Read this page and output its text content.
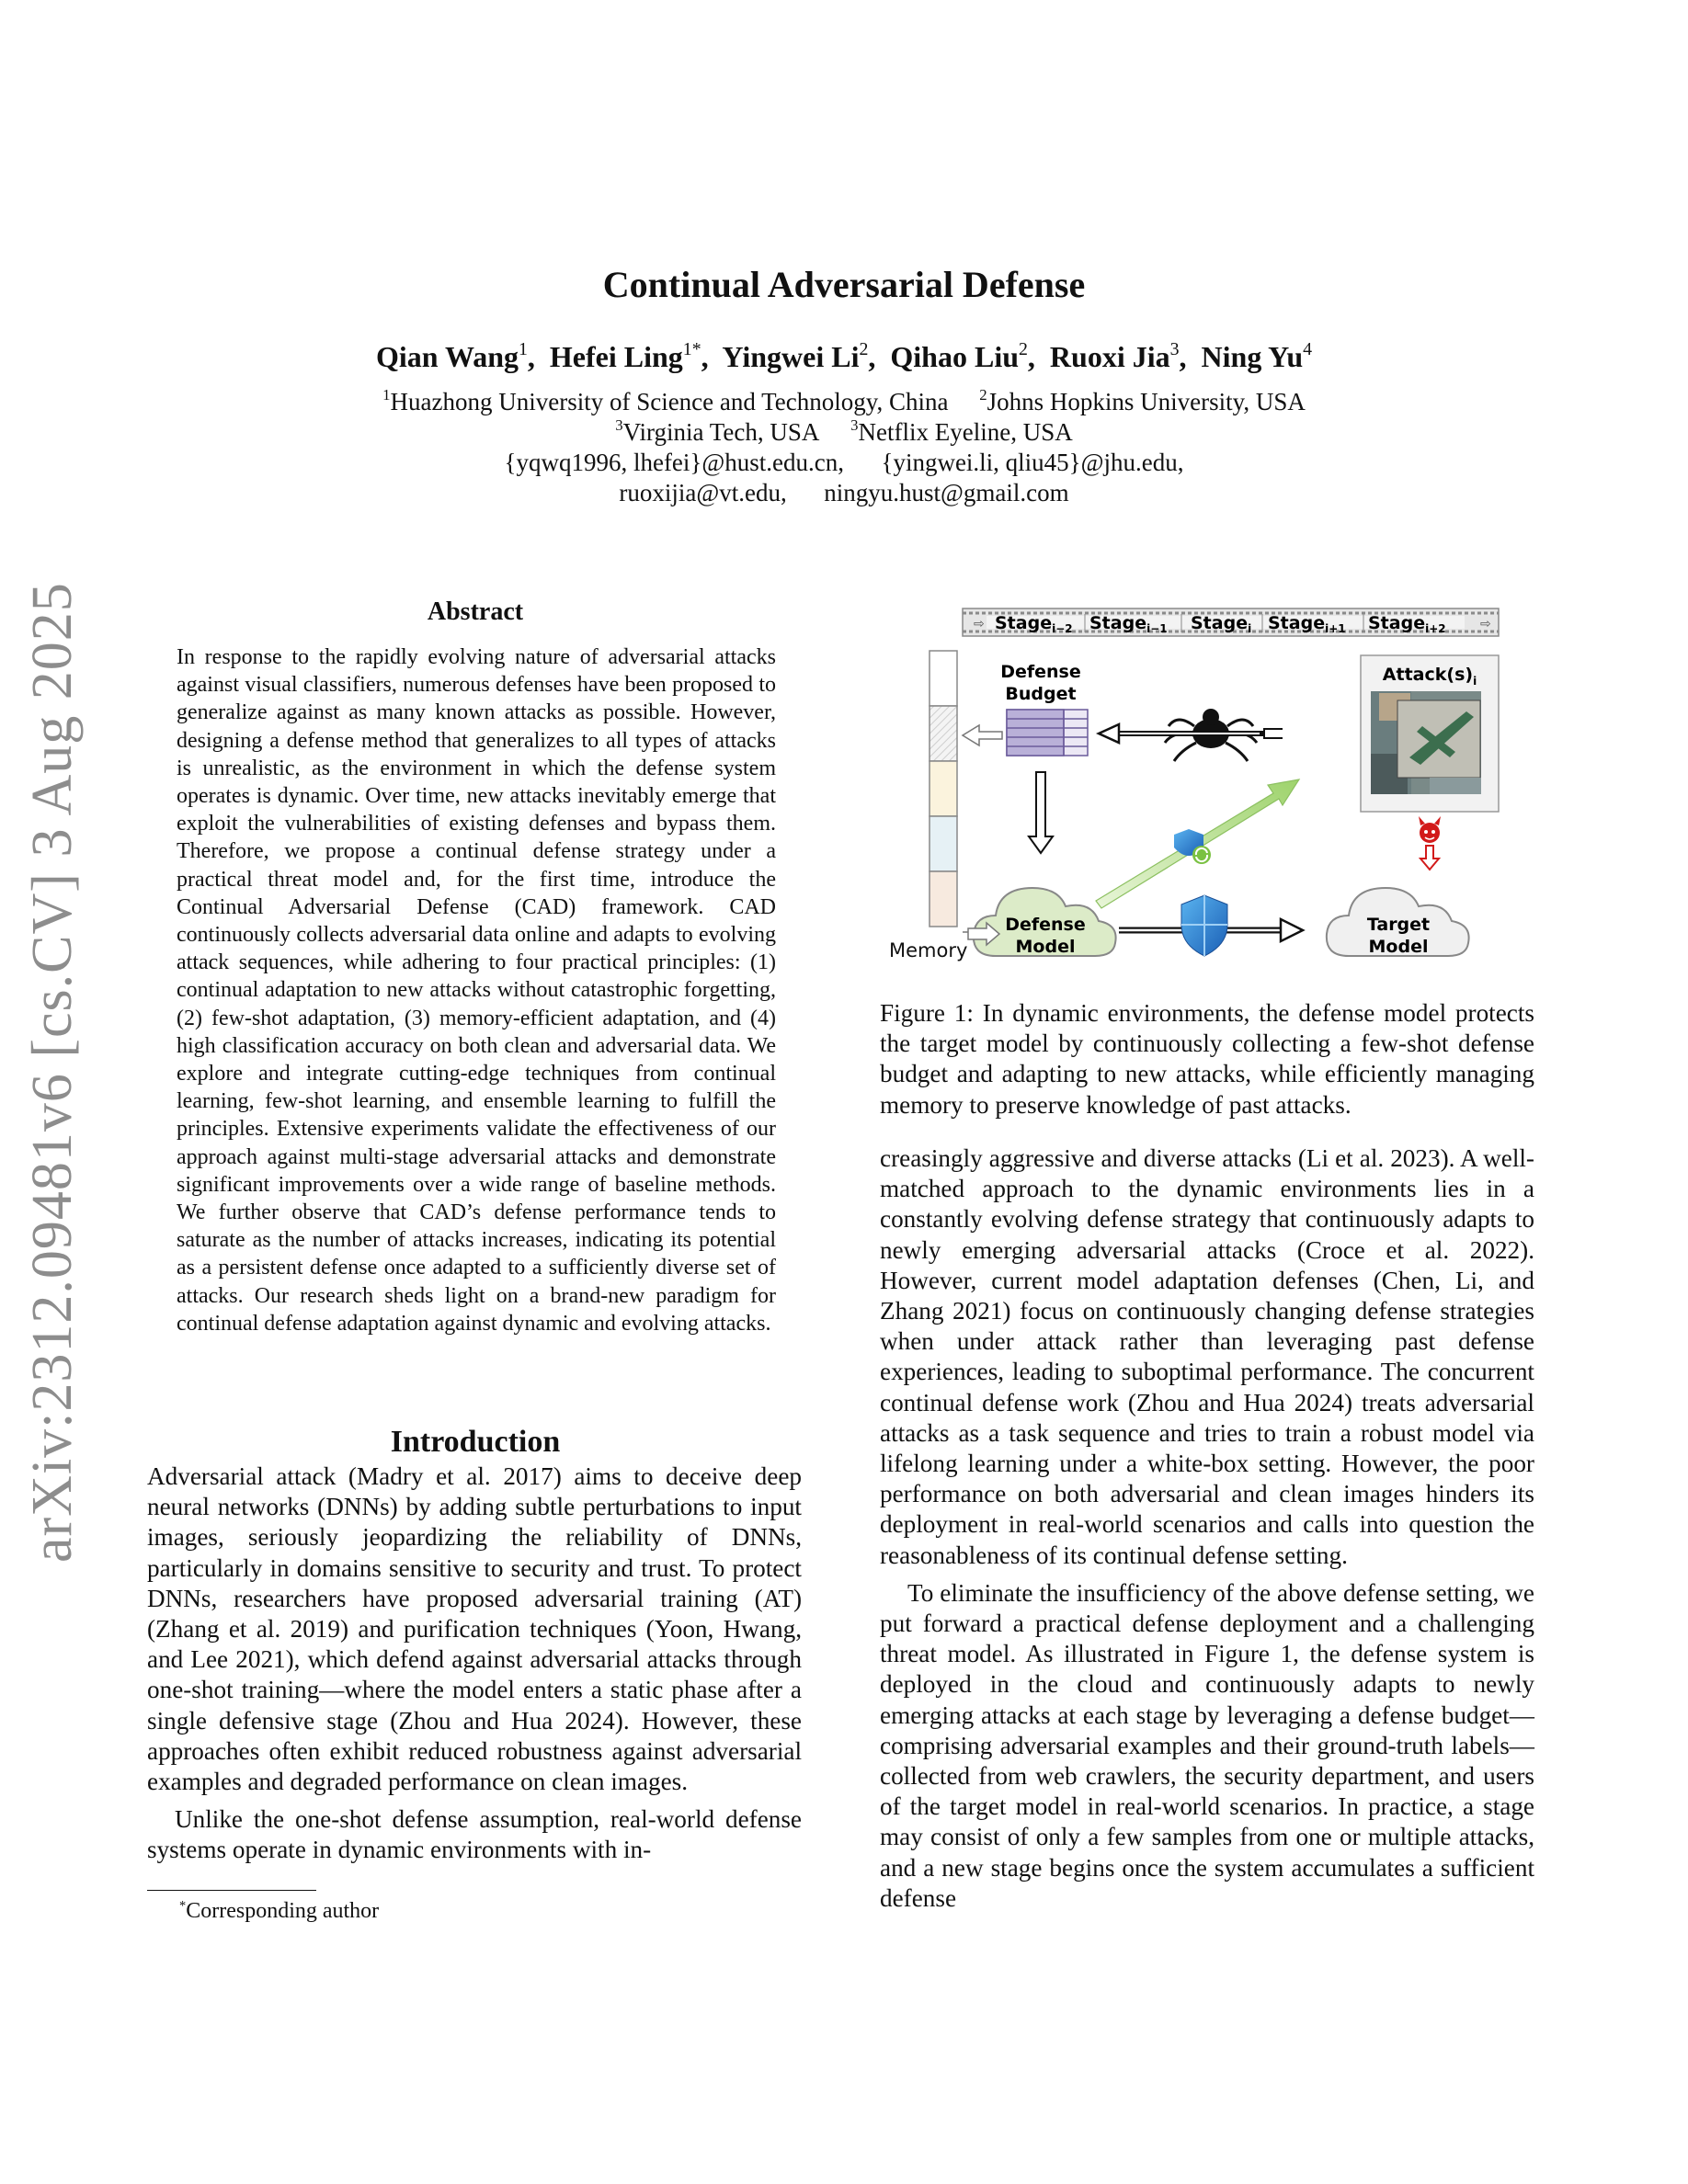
arXiv:2312.09481v6 [cs.CV] 3 Aug 2025
Continual Adversarial Defense
Qian Wang$^1$,  Hefei Ling$^{1*}$,  Yingwei Li$^2$,  Qihao Liu$^2$,  Ruoxi Jia$^3$,  Ning Yu$^4$
$^1$Huazhong University of Science and Technology, China $^2$Johns Hopkins University, USA
$^3$Virginia Tech, USA $^3$Netflix Eyeline, USA
{yqwq1996, lhefei}@hust.edu.cn, {yingwei.li, qliu45}@jhu.edu,
ruoxijia@vt.edu, ningyu.hust@gmail.com
Abstract
In response to the rapidly evolving nature of adversarial attacks against visual classifiers, numerous defenses have been proposed to generalize against as many known attacks as possible. However, designing a defense method that generalizes to all types of attacks is unrealistic, as the environment in which the defense system operates is dynamic. Over time, new attacks inevitably emerge that exploit the vulnerabilities of existing defenses and bypass them. Therefore, we propose a continual defense strategy under a practical threat model and, for the first time, introduce the Continual Adversarial Defense (CAD) framework. CAD continuously collects adversarial data online and adapts to evolving attack sequences, while adhering to four practical principles: (1) continual adaptation to new attacks without catastrophic forgetting, (2) few-shot adaptation, (3) memory-efficient adaptation, and (4) high classification accuracy on both clean and adversarial data. We explore and integrate cutting-edge techniques from continual learning, few-shot learning, and ensemble learning to fulfill the principles. Extensive experiments validate the effectiveness of our approach against multi-stage adversarial attacks and demonstrate significant improvements over a wide range of baseline methods. We further observe that CAD’s defense performance tends to saturate as the number of attacks increases, indicating its potential as a persistent defense once adapted to a sufficiently diverse set of attacks. Our research sheds light on a brand-new paradigm for continual defense adaptation against dynamic and evolving attacks.
Introduction

Adversarial attack (Madry et al. 2017) aims to deceive deep neural networks (DNNs) by adding subtle perturbations to input images, seriously jeopardizing the reliability of DNNs, particularly in domains sensitive to security and trust. To protect DNNs, researchers have proposed adversarial training (AT) (Zhang et al. 2019) and purification techniques (Yoon, Hwang, and Lee 2021), which defend against adversarial attacks through one-shot training—where the model enters a static phase after a single defensive stage (Zhou and Hua 2024). However, these approaches often exhibit reduced robustness against adversarial examples and degraded performance on clean images.

Unlike the one-shot defense assumption, real-world defense systems operate in dynamic environments with in-

*Corresponding author
⇨	⇨
Stage$_{i-2}$ Stage$_{i-1}$ Stage$_i$ Stage$_{i+1}$ Stage$_{i+2}$
Memory
Defense Budget
$Attack(s)_i$
Defense Model
Target Model
Figure 1: In dynamic environments, the defense model protects the target model by continuously collecting a few-shot defense budget and adapting to new attacks, while efficiently managing memory to preserve knowledge of past attacks.

creasingly aggressive and diverse attacks (Li et al. 2023). A well-matched approach to the dynamic environments lies in a constantly evolving defense strategy that continuously adapts to newly emerging adversarial attacks (Croce et al. 2022). However, current model adaptation defenses (Chen, Li, and Zhang 2021) focus on continuously changing defense strategies when under attack rather than leveraging past defense experiences, leading to suboptimal performance. The concurrent continual defense work (Zhou and Hua 2024) treats adversarial attacks as a task sequence and tries to train a robust model via lifelong learning under a white-box setting. However, the poor performance on both adversarial and clean images hinders its deployment in real-world scenarios and calls into question the reasonableness of its continual defense setting.

To eliminate the insufficiency of the above defense setting, we put forward a practical defense deployment and a challenging threat model. As illustrated in Figure 1, the defense system is deployed in the cloud and continuously adapts to newly emerging attacks at each stage by leveraging a defense budget—comprising adversarial examples and their ground-truth labels—collected from web crawlers, the security department, and users of the target model in real-world scenarios. In practice, a stage may consist of only a few samples from one or multiple attacks, and a new stage begins once the system accumulates a sufficient defense
